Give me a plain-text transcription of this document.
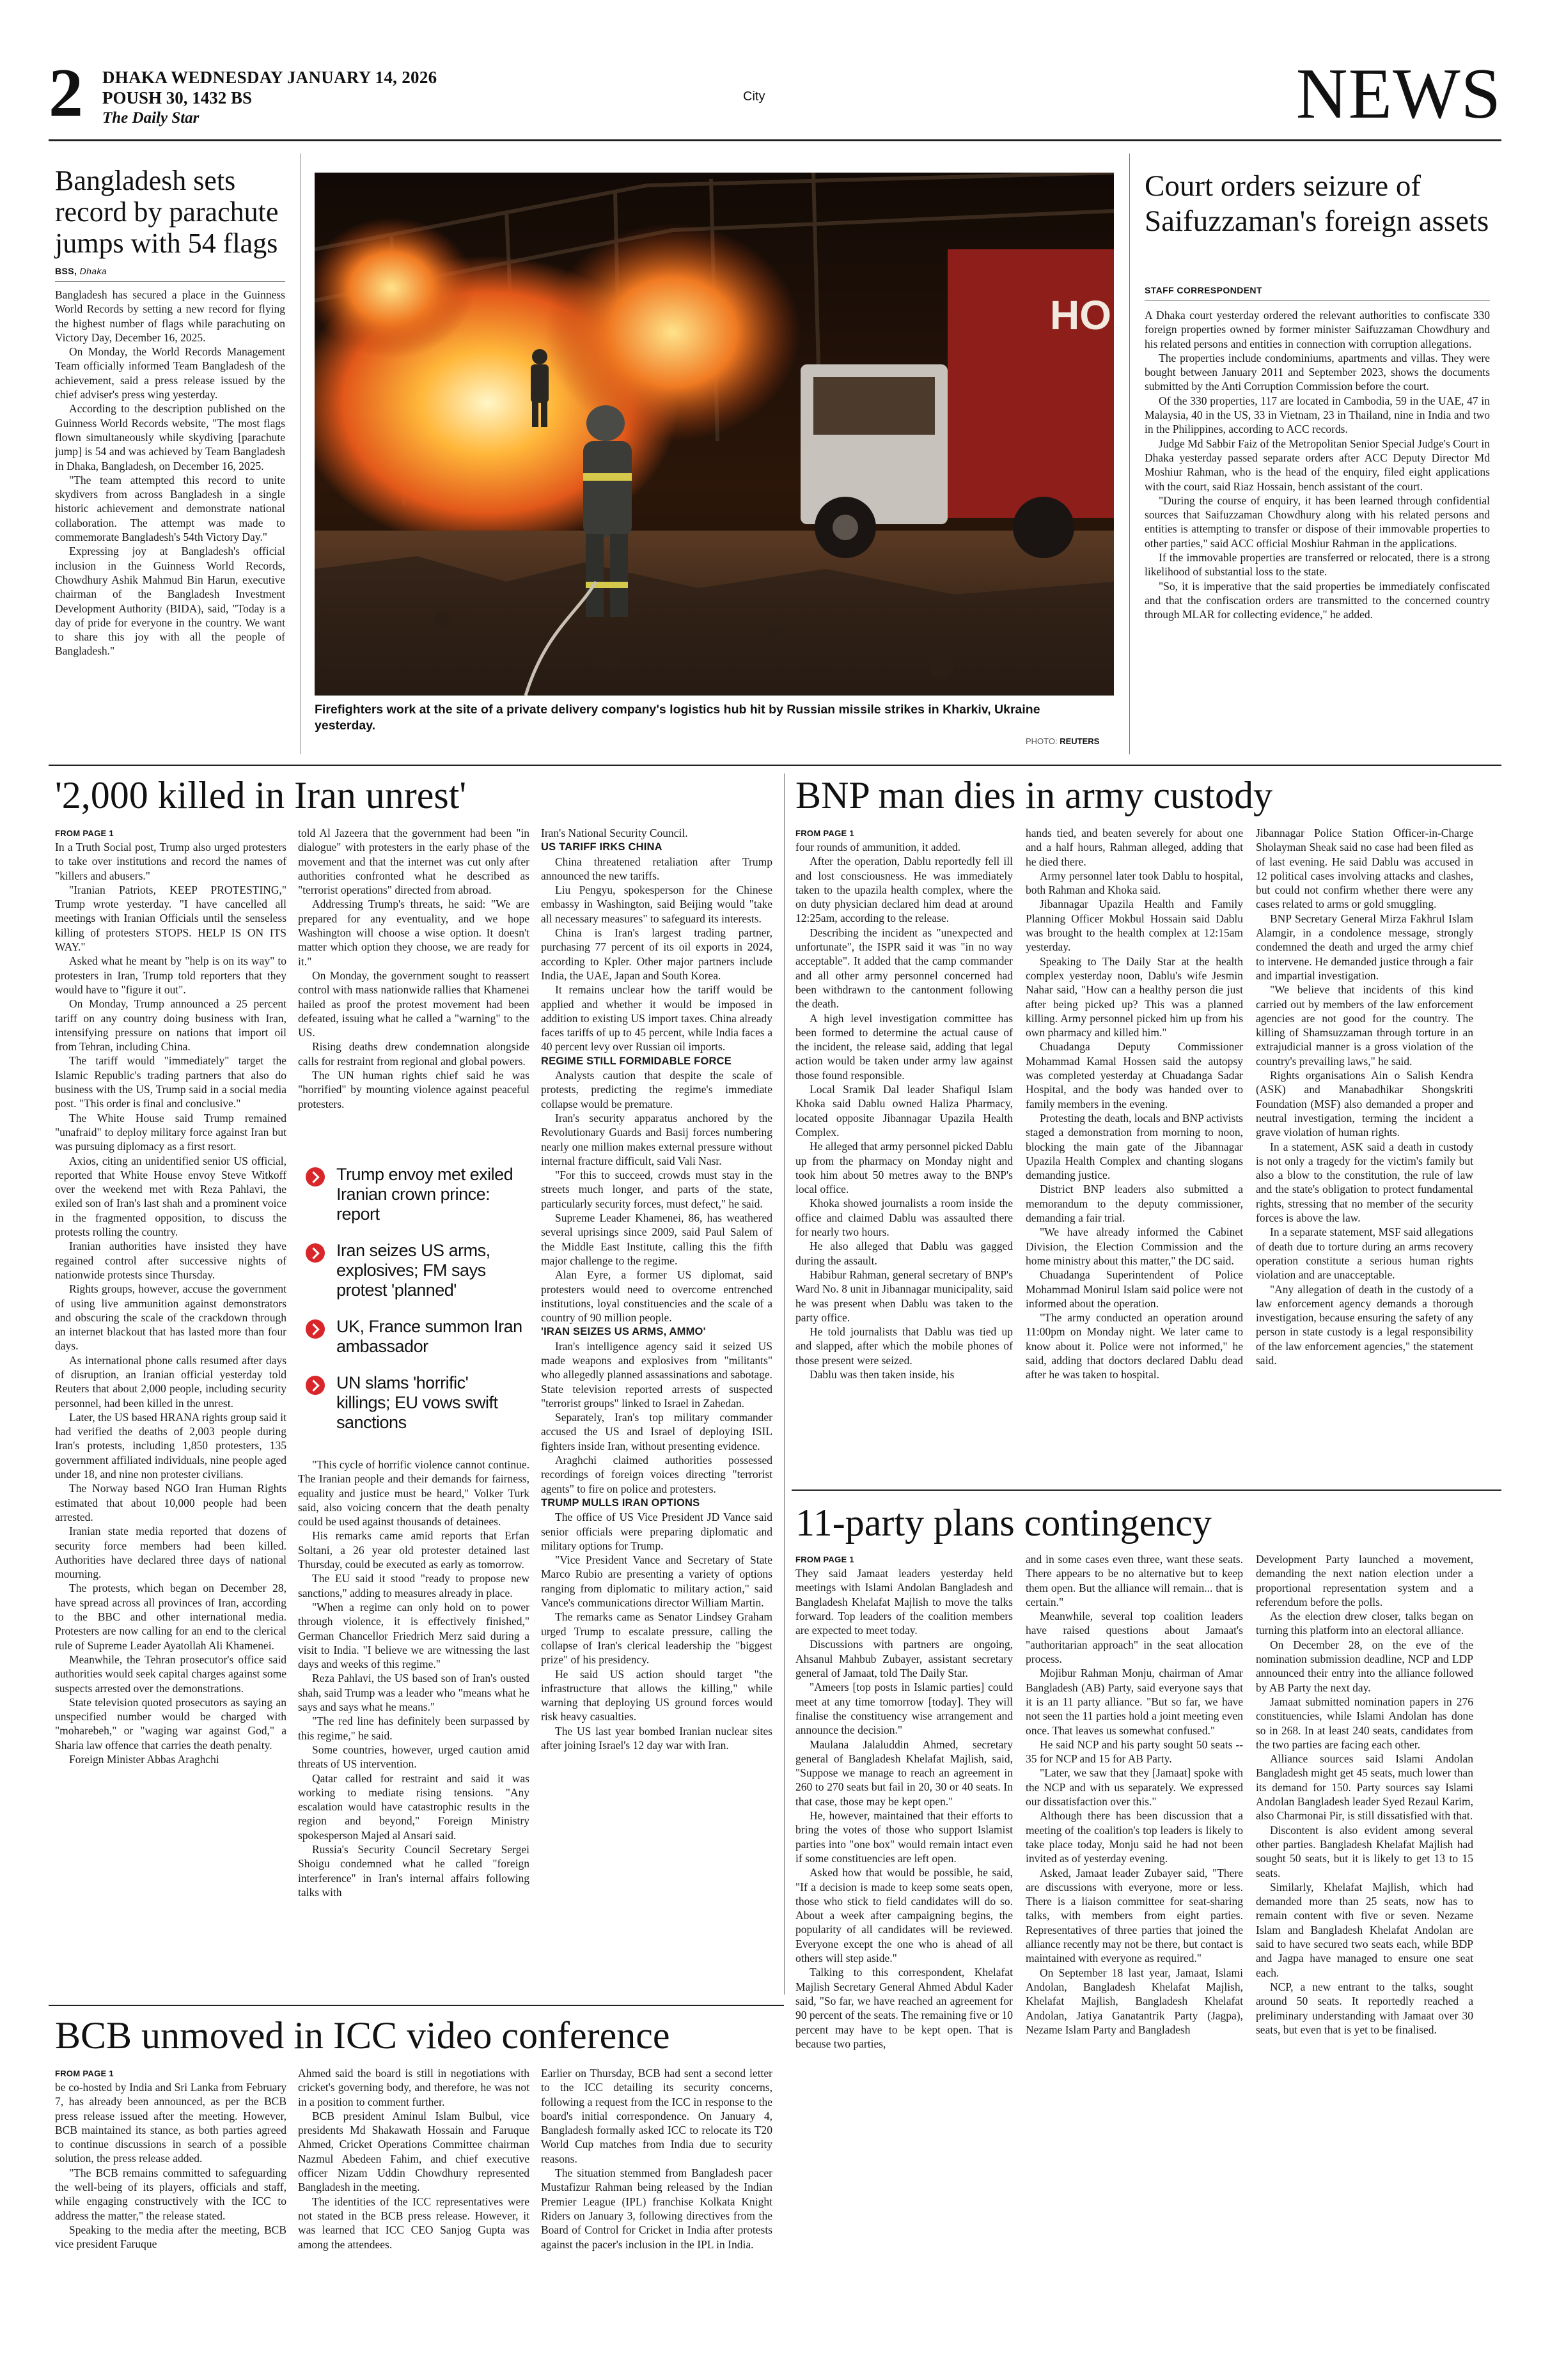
2 DHAKA WEDNESDAY JANUARY 14, 2026
POUSH 30, 1432 BS
The Daily Star
City	NEWS
Bangladesh sets record by parachute jumps with 54 flags
BSS, Dhaka

Bangladesh has secured a place in the Guinness World Records by setting a new record for flying the highest number of flags while parachuting on Victory Day, December 16, 2025.

On Monday, the World Records Management Team officially informed Team Bangladesh of the achievement, said a press release issued by the chief adviser's press wing yesterday.

According to the description published on the Guinness World Records website, "The most flags flown simultaneously while skydiving [parachute jump] is 54 and was achieved by Team Bangladesh in Dhaka, Bangladesh, on December 16, 2025.

"The team attempted this record to unite skydivers from across Bangladesh in a single historic achievement and demonstrate national collaboration. The attempt was made to commemorate Bangladesh's 54th Victory Day."

Expressing joy at Bangladesh's official inclusion in the Guinness World Records, Chowdhury Ashik Mahmud Bin Harun, executive chairman of the Bangladesh Investment Development Authority (BIDA), said, "Today is a day of pride for everyone in the country. We want to share this joy with all the people of Bangladesh."

HO
Firefighters work at the site of a private delivery company's logistics hub hit by Russian missile strikes in Kharkiv, Ukraine yesterday.
PHOTO: REUTERS
Court orders seizure of Saifuzzaman's foreign assets
STAFF CORRESPONDENT

A Dhaka court yesterday ordered the relevant authorities to confiscate 330 foreign properties owned by former minister Saifuzzaman Chowdhury and his related persons and entities in connection with corruption allegations.

The properties include condominiums, apartments and villas. They were bought between January 2011 and September 2023, shows the documents submitted by the Anti Corruption Commission before the court.

Of the 330 properties, 117 are located in Cambodia, 59 in the UAE, 47 in Malaysia, 40 in the US, 33 in Vietnam, 23 in Thailand, nine in India and two in the Philippines, according to ACC records.

Judge Md Sabbir Faiz of the Metropolitan Senior Special Judge's Court in Dhaka yesterday passed separate orders after ACC Deputy Director Md Moshiur Rahman, who is the head of the enquiry, filed eight applications with the court, said Riaz Hossain, bench assistant of the court.

"During the course of enquiry, it has been learned through confidential sources that Saifuzzaman Chowdhury along with his related persons and entities is attempting to transfer or dispose of their immovable properties to other parties," said ACC official Moshiur Rahman in the applications.

If the immovable properties are transferred or relocated, there is a strong likelihood of substantial loss to the state.

"So, it is imperative that the said properties be immediately confiscated and that the confiscation orders are transmitted to the concerned country through MLAR for collecting evidence," he added.

'2,000 killed in Iran unrest'
FROM PAGE 1

In a Truth Social post, Trump also urged protesters to take over institutions and record the names of "killers and abusers."

"Iranian Patriots, KEEP PROTESTING," Trump wrote yesterday. "I have cancelled all meetings with Iranian Officials until the senseless killing of protesters STOPS. HELP IS ON ITS WAY."

Asked what he meant by "help is on its way" to protesters in Iran, Trump told reporters that they would have to "figure it out".

On Monday, Trump announced a 25 percent tariff on any country doing business with Iran, intensifying pressure on nations that import oil from Tehran, including China.

The tariff would "immediately" target the Islamic Republic's trading partners that also do business with the US, Trump said in a social media post. "This order is final and conclusive."

The White House said Trump remained "unafraid" to deploy military force against Iran but was pursuing diplomacy as a first resort.

Axios, citing an unidentified senior US official, reported that White House envoy Steve Witkoff over the weekend met with Reza Pahlavi, the exiled son of Iran's last shah and a prominent voice in the fragmented opposition, to discuss the protests rolling the country.

Iranian authorities have insisted they have regained control after successive nights of nationwide protests since Thursday.

Rights groups, however, accuse the government of using live ammunition against demonstrators and obscuring the scale of the crackdown through an internet blackout that has lasted more than four days.

As international phone calls resumed after days of disruption, an Iranian official yesterday told Reuters that about 2,000 people, including security personnel, had been killed in the unrest.

Later, the US based HRANA rights group said it had verified the deaths of 2,003 people during Iran's protests, including 1,850 protesters, 135 government affiliated individuals, nine people aged under 18, and nine non protester civilians.

The Norway based NGO Iran Human Rights estimated that about 10,000 people had been arrested.

Iranian state media reported that dozens of security force members had been killed. Authorities have declared three days of national mourning.

The protests, which began on December 28, have spread across all provinces of Iran, according to the BBC and other international media. Protesters are now calling for an end to the clerical rule of Supreme Leader Ayatollah Ali Khamenei.

Meanwhile, the Tehran prosecutor's office said authorities would seek capital charges against some suspects arrested over the demonstrations.

State television quoted prosecutors as saying an unspecified number would be charged with "moharebeh," or "waging war against God," a Sharia law offence that carries the death penalty.

Foreign Minister Abbas Araghchi

told Al Jazeera that the government had been "in dialogue" with protesters in the early phase of the movement and that the internet was cut only after authorities confronted what he described as "terrorist operations" directed from abroad.

Addressing Trump's threats, he said: "We are prepared for any eventuality, and we hope Washington will choose a wise option. It doesn't matter which option they choose, we are ready for it."

On Monday, the government sought to reassert control with mass nationwide rallies that Khamenei hailed as proof the protest movement had been defeated, issuing what he called a "warning" to the US.

Rising deaths drew condemnation alongside calls for restraint from regional and global powers.

The UN human rights chief said he was "horrified" by mounting violence against peaceful protesters.

Trump envoy met exiled Iranian crown prince: report
Iran seizes US arms, explosives; FM says protest 'planned'
UK, France summon Iran ambassador
UN slams 'horrific' killings; EU vows swift sanctions

"This cycle of horrific violence cannot continue. The Iranian people and their demands for fairness, equality and justice must be heard," Volker Turk said, also voicing concern that the death penalty could be used against thousands of detainees.

His remarks came amid reports that Erfan Soltani, a 26 year old protester detained last Thursday, could be executed as early as tomorrow.

The EU said it stood "ready to propose new sanctions," adding to measures already in place.

"When a regime can only hold on to power through violence, it is effectively finished," German Chancellor Friedrich Merz said during a visit to India. "I believe we are witnessing the last days and weeks of this regime."

Reza Pahlavi, the US based son of Iran's ousted shah, said Trump was a leader who "means what he says and says what he means."

"The red line has definitely been surpassed by this regime," he said.

Some countries, however, urged caution amid threats of US intervention.

Qatar called for restraint and said it was working to mediate rising tensions. "Any escalation would have catastrophic results in the region and beyond," Foreign Ministry spokesperson Majed al Ansari said.

Russia's Security Council Secretary Sergei Shoigu condemned what he called "foreign interference" in Iran's internal affairs following talks with

Iran's National Security Council.

US TARIFF IRKS CHINA

China threatened retaliation after Trump announced the new tariffs.

Liu Pengyu, spokesperson for the Chinese embassy in Washington, said Beijing would "take all necessary measures" to safeguard its interests.

China is Iran's largest trading partner, purchasing 77 percent of its oil exports in 2024, according to Kpler. Other major partners include India, the UAE, Japan and South Korea.

It remains unclear how the tariff would be applied and whether it would be imposed in addition to existing US import taxes. China already faces tariffs of up to 45 percent, while India faces a 40 percent levy over Russian oil imports.

REGIME STILL FORMIDABLE FORCE

Analysts caution that despite the scale of protests, predicting the regime's immediate collapse would be premature.

Iran's security apparatus anchored by the Revolutionary Guards and Basij forces numbering nearly one million makes external pressure without internal fracture difficult, said Vali Nasr.

"For this to succeed, crowds must stay in the streets much longer, and parts of the state, particularly security forces, must defect," he said.

Supreme Leader Khamenei, 86, has weathered several uprisings since 2009, said Paul Salem of the Middle East Institute, calling this the fifth major challenge to the regime.

Alan Eyre, a former US diplomat, said protesters would need to overcome entrenched institutions, loyal constituencies and the scale of a country of 90 million people.

'IRAN SEIZES US ARMS, AMMO'

Iran's intelligence agency said it seized US made weapons and explosives from "militants" who allegedly planned assassinations and sabotage. State television reported arrests of suspected "terrorist groups" linked to Israel in Zahedan.

Separately, Iran's top military commander accused the US and Israel of deploying ISIL fighters inside Iran, without presenting evidence.

Araghchi claimed authorities possessed recordings of foreign voices directing "terrorist agents" to fire on police and protesters.

TRUMP MULLS IRAN OPTIONS

The office of US Vice President JD Vance said senior officials were preparing diplomatic and military options for Trump.

"Vice President Vance and Secretary of State Marco Rubio are presenting a variety of options ranging from diplomatic to military action," said Vance's communications director William Martin.

The remarks came as Senator Lindsey Graham urged Trump to escalate pressure, calling the collapse of Iran's clerical leadership the "biggest prize" of his presidency.

He said US action should target "the infrastructure that allows the killing," while warning that deploying US ground forces would risk heavy casualties.

The US last year bombed Iranian nuclear sites after joining Israel's 12 day war with Iran.

BNP man dies in army custody
FROM PAGE 1

four rounds of ammunition, it added.

After the operation, Dablu reportedly fell ill and lost consciousness. He was immediately taken to the upazila health complex, where the on duty physician declared him dead at around 12:25am, according to the release.

Describing the incident as "unexpected and unfortunate", the ISPR said it was "in no way acceptable". It added that the camp commander and all other army personnel concerned had been withdrawn to the cantonment following the death.

A high level investigation committee has been formed to determine the actual cause of the incident, the release said, adding that legal action would be taken under army law against those found responsible.

Local Sramik Dal leader Shafiqul Islam Khoka said Dablu owned Haliza Pharmacy, located opposite Jibannagar Upazila Health Complex.

He alleged that army personnel picked Dablu up from the pharmacy on Monday night and took him about 50 metres away to the BNP's local office.

Khoka showed journalists a room inside the office and claimed Dablu was assaulted there for nearly two hours.

He also alleged that Dablu was gagged during the assault.

Habibur Rahman, general secretary of BNP's Ward No. 8 unit in Jibannagar municipality, said he was present when Dablu was taken to the party office.

He told journalists that Dablu was tied up and slapped, after which the mobile phones of those present were seized.

Dablu was then taken inside, his

hands tied, and beaten severely for about one and a half hours, Rahman alleged, adding that he died there.

Army personnel later took Dablu to hospital, both Rahman and Khoka said.

Jibannagar Upazila Health and Family Planning Officer Mokbul Hossain said Dablu was brought to the health complex at 12:15am yesterday.

Speaking to The Daily Star at the health complex yesterday noon, Dablu's wife Jesmin Nahar said, "How can a healthy person die just after being picked up? This was a planned killing. Army personnel picked him up from his own pharmacy and killed him."

Chuadanga Deputy Commissioner Mohammad Kamal Hossen said the autopsy was completed yesterday at Chuadanga Sadar Hospital, and the body was handed over to family members in the evening.

Protesting the death, locals and BNP activists staged a demonstration from morning to noon, blocking the main gate of the Jibannagar Upazila Health Complex and chanting slogans demanding justice.

District BNP leaders also submitted a memorandum to the deputy commissioner, demanding a fair trial.

"We have already informed the Cabinet Division, the Election Commission and the home ministry about this matter," the DC said.

Chuadanga Superintendent of Police Mohammad Monirul Islam said police were not informed about the operation.

"The army conducted an operation around 11:00pm on Monday night. We later came to know about it. Police were not informed," he said, adding that doctors declared Dablu dead after he was taken to hospital.

Jibannagar Police Station Officer-in-Charge Sholayman Sheak said no case had been filed as of last evening. He said Dablu was accused in 12 political cases involving attacks and clashes, but could not confirm whether there were any cases related to arms or gold smuggling.

BNP Secretary General Mirza Fakhrul Islam Alamgir, in a condolence message, strongly condemned the death and urged the army chief to intervene. He demanded justice through a fair and impartial investigation.

"We believe that incidents of this kind carried out by members of the law enforcement agencies are not good for the country. The killing of Shamsuzzaman through torture in an extrajudicial manner is a gross violation of the country's prevailing laws," he said.

Rights organisations Ain o Salish Kendra (ASK) and Manabadhikar Shongskriti Foundation (MSF) also demanded a proper and neutral investigation, terming the incident a grave violation of human rights.

In a statement, ASK said a death in custody is not only a tragedy for the victim's family but also a blow to the constitution, the rule of law and the state's obligation to protect fundamental rights, stressing that no member of the security forces is above the law.

In a separate statement, MSF said allegations of death due to torture during an arms recovery operation constitute a serious human rights violation and are unacceptable.

"Any allegation of death in the custody of a law enforcement agency demands a thorough investigation, because ensuring the safety of any person in state custody is a legal responsibility of the law enforcement agencies," the statement said.

11-party plans contingency
FROM PAGE 1

They said Jamaat leaders yesterday held meetings with Islami Andolan Bangladesh and Bangladesh Khelafat Majlish to move the talks forward. Top leaders of the coalition members are expected to meet today.

Discussions with partners are ongoing, Ahsanul Mahbub Zubayer, assistant secretary general of Jamaat, told The Daily Star.

"Ameers [top posts in Islamic parties] could meet at any time tomorrow [today]. They will finalise the constituency wise arrangement and announce the decision."

Maulana Jalaluddin Ahmed, secretary general of Bangladesh Khelafat Majlish, said, "Suppose we manage to reach an agreement in 260 to 270 seats but fail in 20, 30 or 40 seats. In that case, those may be kept open."

He, however, maintained that their efforts to bring the votes of those who support Islamist parties into "one box" would remain intact even if some constituencies are left open.

Asked how that would be possible, he said, "If a decision is made to keep some seats open, those who stick to field candidates will do so. About a week after campaigning begins, the popularity of all candidates will be reviewed. Everyone except the one who is ahead of all others will step aside."

Talking to this correspondent, Khelafat Majlish Secretary General Ahmed Abdul Kader said, "So far, we have reached an agreement for 90 percent of the seats. The remaining five or 10 percent may have to be kept open. That is because two parties,

and in some cases even three, want these seats. There appears to be no alternative but to keep them open. But the alliance will remain... that is certain."

Meanwhile, several top coalition leaders have raised questions about Jamaat's "authoritarian approach" in the seat allocation process.

Mojibur Rahman Monju, chairman of Amar Bangladesh (AB) Party, said everyone says that it is an 11 party alliance. "But so far, we have not seen the 11 parties hold a joint meeting even once. That leaves us somewhat confused."

He said NCP and his party sought 50 seats -- 35 for NCP and 15 for AB Party.

"Later, we saw that they [Jamaat] spoke with the NCP and with us separately. We expressed our dissatisfaction over this."

Although there has been discussion that a meeting of the coalition's top leaders is likely to take place today, Monju said he had not been invited as of yesterday evening.

Asked, Jamaat leader Zubayer said, "There are discussions with everyone, more or less. There is a liaison committee for seat-sharing talks, with members from eight parties. Representatives of three parties that joined the alliance recently may not be there, but contact is maintained with everyone as required."

On September 18 last year, Jamaat, Islami Andolan, Bangladesh Khelafat Majlish, Khelafat Majlish, Bangladesh Khelafat Andolan, Jatiya Ganatantrik Party (Jagpa), Nezame Islam Party and Bangladesh

Development Party launched a movement, demanding the next nation election under a proportional representation system and a referendum before the polls.

As the election drew closer, talks began on turning this platform into an electoral alliance.

On December 28, on the eve of the nomination submission deadline, NCP and LDP announced their entry into the alliance followed by AB Party the next day.

Jamaat submitted nomination papers in 276 constituencies, while Islami Andolan has done so in 268. In at least 240 seats, candidates from the two parties are facing each other.

Alliance sources said Islami Andolan Bangladesh might get 45 seats, much lower than its demand for 150. Party sources say Islami Andolan Bangladesh leader Syed Rezaul Karim, also Charmonai Pir, is still dissatisfied with that.

Discontent is also evident among several other parties. Bangladesh Khelafat Majlish had sought 50 seats, but it is likely to get 13 to 15 seats.

Similarly, Khelafat Majlish, which had demanded more than 25 seats, now has to remain content with five or seven. Nezame Islam and Bangladesh Khelafat Andolan are said to have secured two seats each, while BDP and Jagpa have managed to ensure one seat each.

NCP, a new entrant to the talks, sought around 50 seats. It reportedly reached a preliminary understanding with Jamaat over 30 seats, but even that is yet to be finalised.

BCB unmoved in ICC video conference
FROM PAGE 1

be co-hosted by India and Sri Lanka from February 7, has already been announced, as per the BCB press release issued after the meeting. However, BCB maintained its stance, as both parties agreed to continue discussions in search of a possible solution, the press release added.

"The BCB remains committed to safeguarding the well-being of its players, officials and staff, while engaging constructively with the ICC to address the matter," the release stated.

Speaking to the media after the meeting, BCB vice president Faruque

Ahmed said the board is still in negotiations with cricket's governing body, and therefore, he was not in a position to comment further.

BCB president Aminul Islam Bulbul, vice presidents Md Shakawath Hossain and Faruque Ahmed, Cricket Operations Committee chairman Nazmul Abedeen Fahim, and chief executive officer Nizam Uddin Chowdhury represented Bangladesh in the meeting.

The identities of the ICC representatives were not stated in the BCB press release. However, it was learned that ICC CEO Sanjog Gupta was among the attendees.

Earlier on Thursday, BCB had sent a second letter to the ICC detailing its security concerns, following a request from the ICC in response to the board's initial correspondence. On January 4, Bangladesh formally asked ICC to relocate its T20 World Cup matches from India due to security reasons.

The situation stemmed from Bangladesh pacer Mustafizur Rahman being released by the Indian Premier League (IPL) franchise Kolkata Knight Riders on January 3, following directives from the Board of Control for Cricket in India after protests against the pacer's inclusion in the IPL in India.
